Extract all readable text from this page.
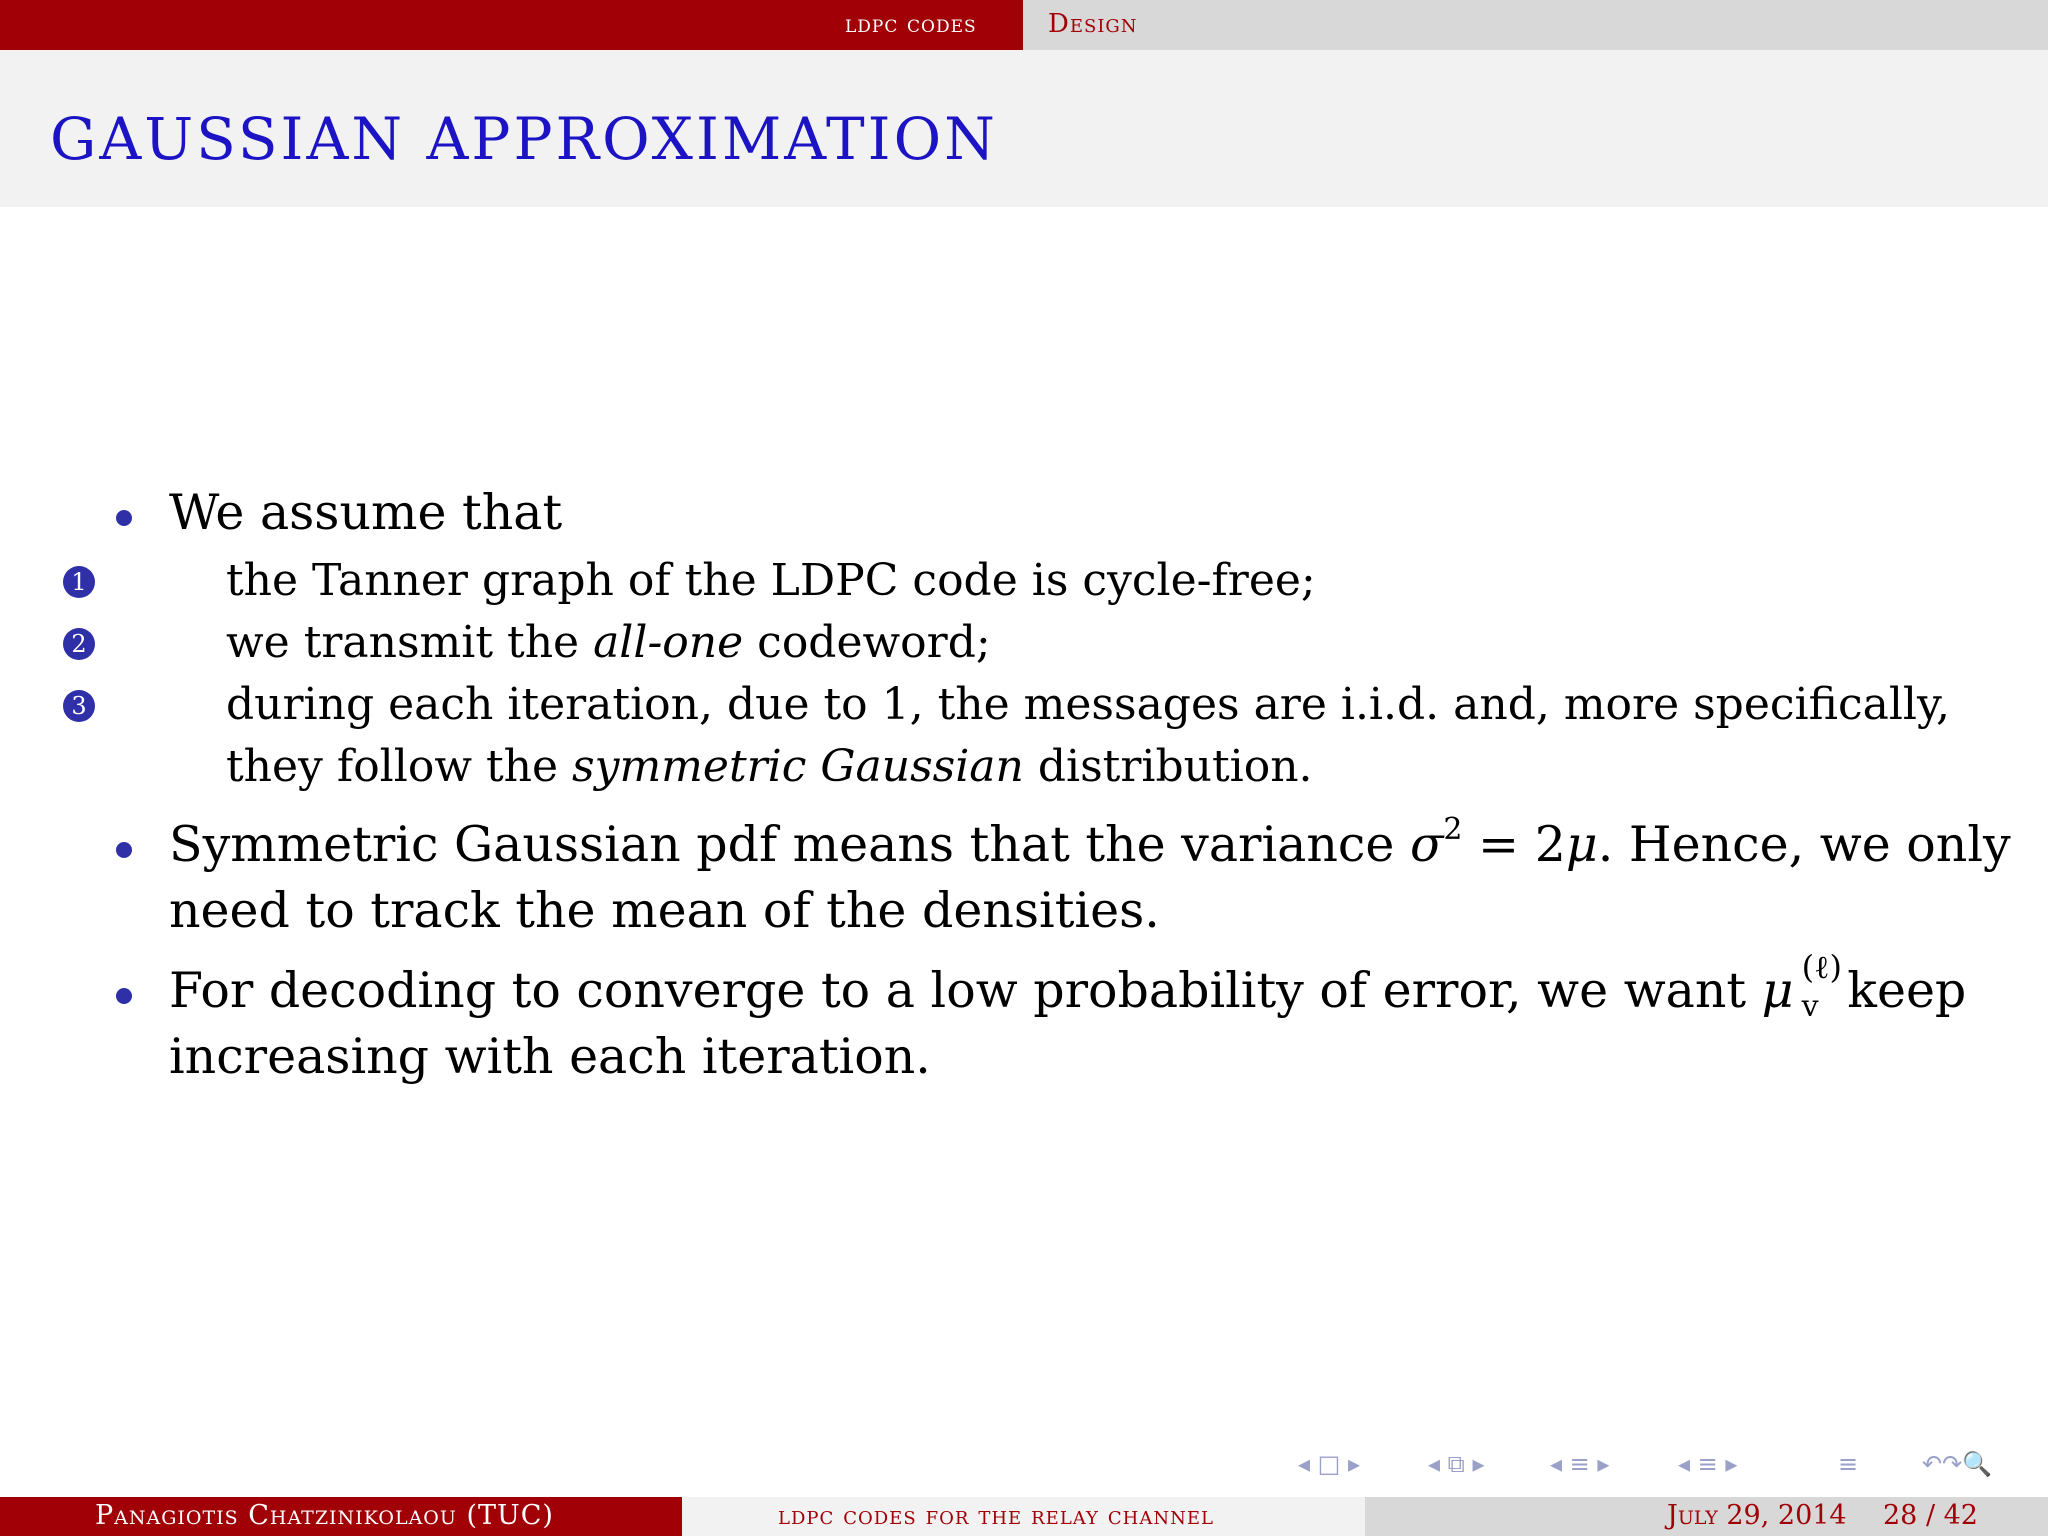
ldpc codes	Design
GAUSSIAN APPROXIMATION
We assume that
1	the Tanner graph of the LDPC code is cycle-free;
2	we transmit the all-one codeword;
3	during each iteration, due to 1, the messages are i.i.d. and, more specifically, they follow the symmetric Gaussian distribution.
Symmetric Gaussian pdf means that the variance $\sigma^2 = 2\mu$. Hence, we only need to track the mean of the densities.
For decoding to converge to a low probability of error, we want μ (ℓ)
v keep increasing with each iteration.
◂ □ ▸	◂ ⧉ ▸	◂ ≡ ▸	◂ ≡ ▸	≡	↶↷🔍
Panagiotis Chatzinikolaou (TUC)	ldpc codes for the relay channel	July 29, 2014 28 / 42
